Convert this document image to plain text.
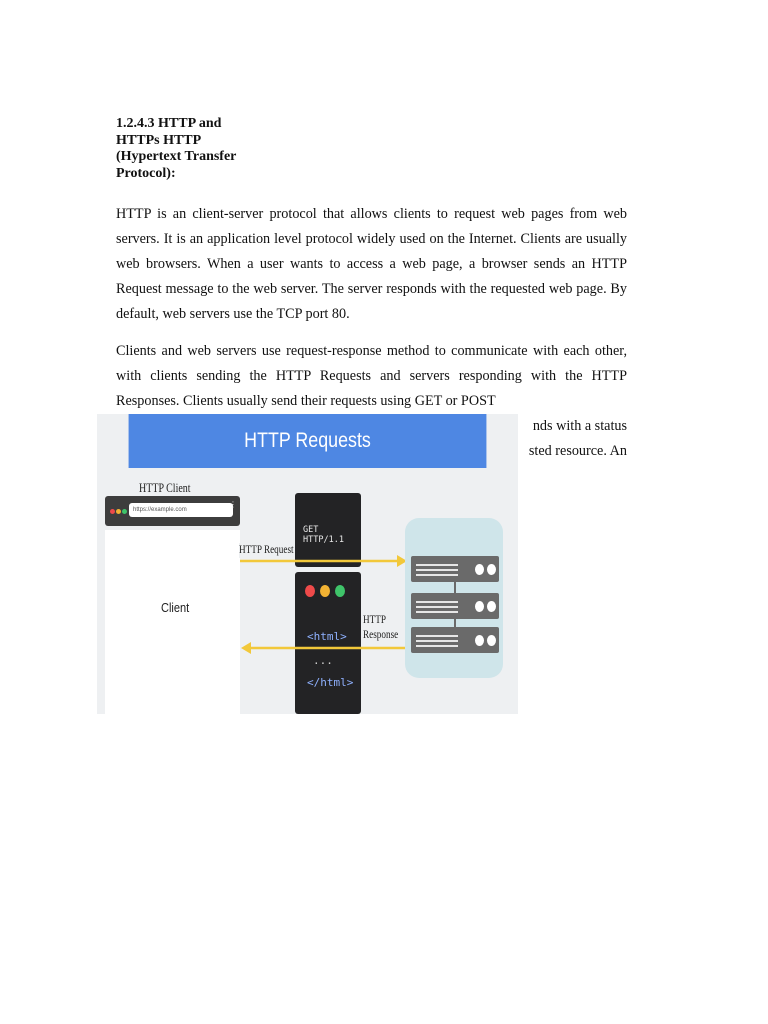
1.2.4.3 HTTP and
HTTPs HTTP
(Hypertext Transfer
Protocol):

HTTP is an client-server protocol that allows clients to request web pages from web servers. It is an application level protocol widely used on the Internet. Clients are usually web browsers. When a user wants to access a web page, a browser sends an HTTP Request message to the web server. The server responds with the requested web page. By default, web servers use the TCP port 80.

Clients and web servers use request-response method to communicate with each other, with clients sending the HTTP Requests and servers responding with the HTTP Responses. Clients usually send their requests using GET or POST
nds with a status
sted resource. An

HTTP Requests
HTTP Client
https://example.com
⋮
Client
GET HTTP/1.1
<html>
...
</html>
HTTP Request
HTTP
Response
